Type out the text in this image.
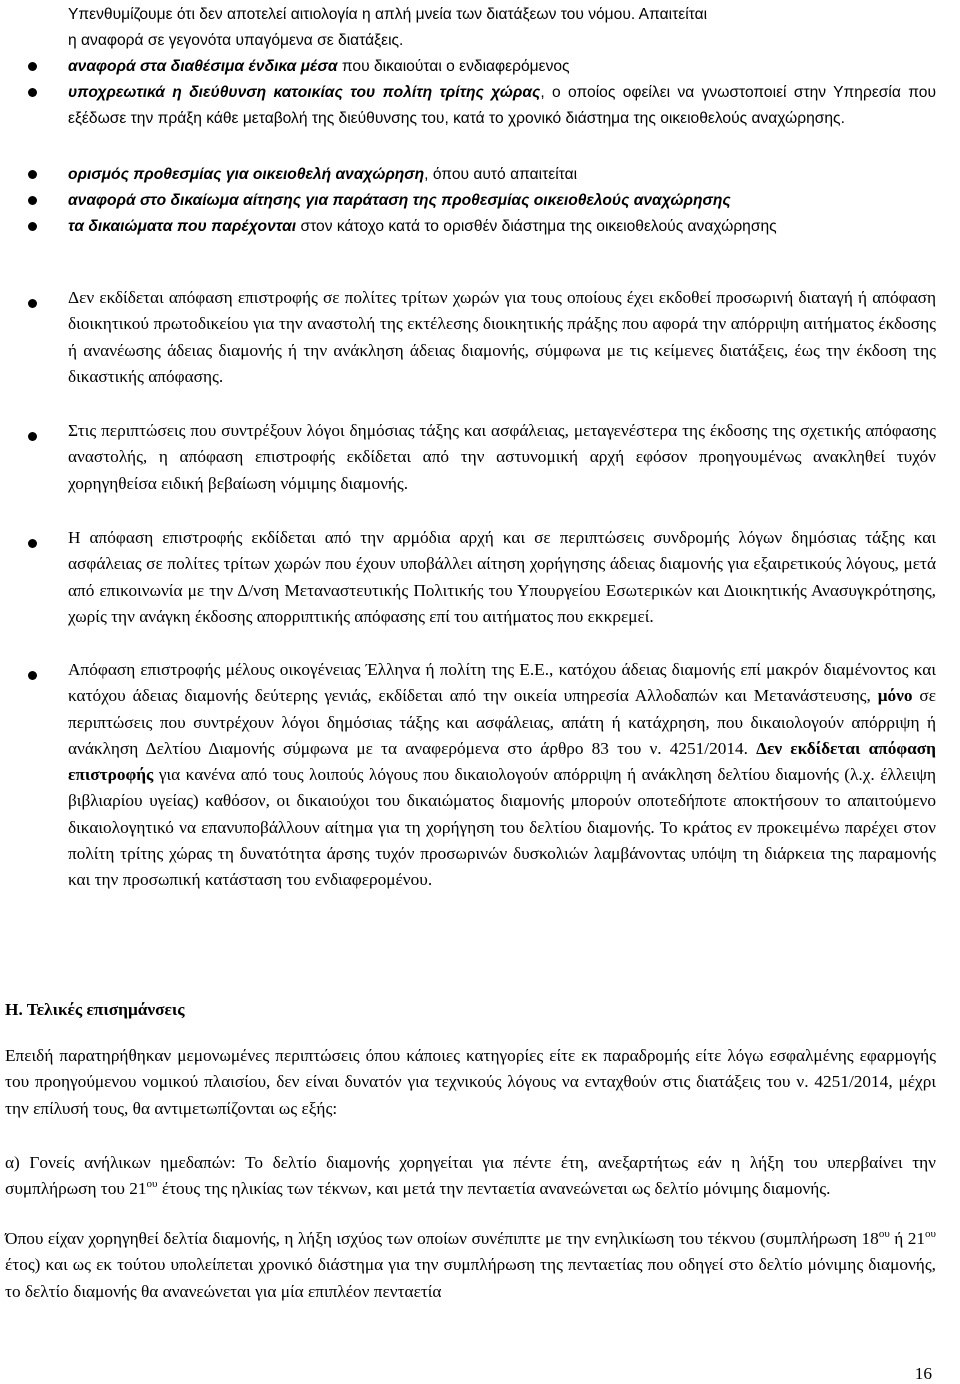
Υπενθυμίζουμε ότι δεν αποτελεί αιτιολογία η απλή μνεία των διατάξεων του νόμου. Απαιτείται
η αναφορά σε γεγονότα υπαγόμενα σε διατάξεις.

αναφορά στα διαθέσιμα ένδικα μέσα που δικαιούται ο ενδιαφερόμενος

υποχρεωτικά η διεύθυνση κατοικίας του πολίτη τρίτης χώρας, ο οποίος οφείλει να γνωστοποιεί στην Υπηρεσία που εξέδωσε την πράξη κάθε μεταβολή της διεύθυνσης του, κατά το χρονικό διάστημα της οικειοθελούς αναχώρησης.

ορισμός προθεσμίας για οικειοθελή αναχώρηση, όπου αυτό απαιτείται

αναφορά στο δικαίωμα αίτησης για παράταση της προθεσμίας οικειοθελούς αναχώρησης

τα δικαιώματα που παρέχονται στον κάτοχο κατά το ορισθέν διάστημα της οικειοθελούς αναχώρησης

Δεν εκδίδεται απόφαση επιστροφής σε πολίτες τρίτων χωρών για τους οποίους έχει εκδοθεί προσωρινή διαταγή ή απόφαση διοικητικού πρωτοδικείου για την αναστολή της εκτέλεσης διοικητικής πράξης που αφορά την απόρριψη αιτήματος έκδοσης ή ανανέωσης άδειας διαμονής ή την ανάκληση άδειας διαμονής, σύμφωνα με τις κείμενες διατάξεις, έως την έκδοση της δικαστικής απόφασης.

Στις περιπτώσεις που συντρέξουν λόγοι δημόσιας τάξης και ασφάλειας, μεταγενέστερα της έκδοσης της σχετικής απόφασης αναστολής, η απόφαση επιστροφής εκδίδεται από την αστυνομική αρχή εφόσον προηγουμένως ανακληθεί τυχόν χορηγηθείσα ειδική βεβαίωση νόμιμης διαμονής.

Η απόφαση επιστροφής εκδίδεται από την αρμόδια αρχή και σε περιπτώσεις συνδρομής λόγων δημόσιας τάξης και ασφάλειας σε πολίτες τρίτων χωρών που έχουν υποβάλλει αίτηση χορήγησης άδειας διαμονής για εξαιρετικούς λόγους, μετά από επικοινωνία με την Δ/νση Μεταναστευτικής Πολιτικής του Υπουργείου Εσωτερικών και Διοικητικής Ανασυγκρότησης, χωρίς την ανάγκη έκδοσης απορριπτικής απόφασης επί του αιτήματος που εκκρεμεί.

Απόφαση επιστροφής μέλους οικογένειας Έλληνα ή πολίτη της Ε.Ε., κατόχου άδειας διαμονής επί μακρόν διαμένοντος και κατόχου άδειας διαμονής δεύτερης γενιάς, εκδίδεται από την οικεία υπηρεσία Αλλοδαπών και Μετανάστευσης, μόνο σε περιπτώσεις που συντρέχουν λόγοι δημόσιας τάξης και ασφάλειας, απάτη ή κατάχρηση, που δικαιολογούν απόρριψη ή ανάκληση Δελτίου Διαμονής σύμφωνα με τα αναφερόμενα στο άρθρο 83 του ν. 4251/2014. Δεν εκδίδεται απόφαση επιστροφής για κανένα από τους λοιπούς λόγους που δικαιολογούν απόρριψη ή ανάκληση δελτίου διαμονής (λ.χ. έλλειψη βιβλιαρίου υγείας) καθόσον, οι δικαιούχοι του δικαιώματος διαμονής μπορούν οποτεδήποτε αποκτήσουν το απαιτούμενο δικαιολογητικό να επανυποβάλλουν αίτημα για τη χορήγηση του δελτίου διαμονής. Το κράτος εν προκειμένω παρέχει στον πολίτη τρίτης χώρας τη δυνατότητα άρσης τυχόν προσωρινών δυσκολιών λαμβάνοντας υπόψη τη διάρκεια της παραμονής και την προσωπική κατάσταση του ενδιαφερομένου.

Η. Τελικές επισημάνσεις

Επειδή παρατηρήθηκαν μεμονωμένες περιπτώσεις όπου κάποιες κατηγορίες είτε εκ παραδρομής είτε λόγω εσφαλμένης εφαρμογής του προηγούμενου νομικού πλαισίου, δεν είναι δυνατόν για τεχνικούς λόγους να ενταχθούν στις διατάξεις του ν. 4251/2014, μέχρι την επίλυσή τους, θα αντιμετωπίζονται ως εξής:

α) Γονείς ανήλικων ημεδαπών: Το δελτίο διαμονής χορηγείται για πέντε έτη, ανεξαρτήτως εάν η λήξη του υπερβαίνει την συμπλήρωση του $21^{o\upsilon}$ έτους της ηλικίας των τέκνων, και μετά την πενταετία ανανεώνεται ως δελτίο μόνιμης διαμονής.

Όπου είχαν χορηγηθεί δελτία διαμονής, η λήξη ισχύος των οποίων συνέπιπτε με την ενηλικίωση του τέκνου (συμπλήρωση $18^{o\upsilon}$ ή $21^{o\upsilon}$ έτος) και ως εκ τούτου υπολείπεται χρονικό διάστημα για την συμπλήρωση της πενταετίας που οδηγεί στο δελτίο μόνιμης διαμονής, το δελτίο διαμονής θα ανανεώνεται για μία επιπλέον πενταετία

16
